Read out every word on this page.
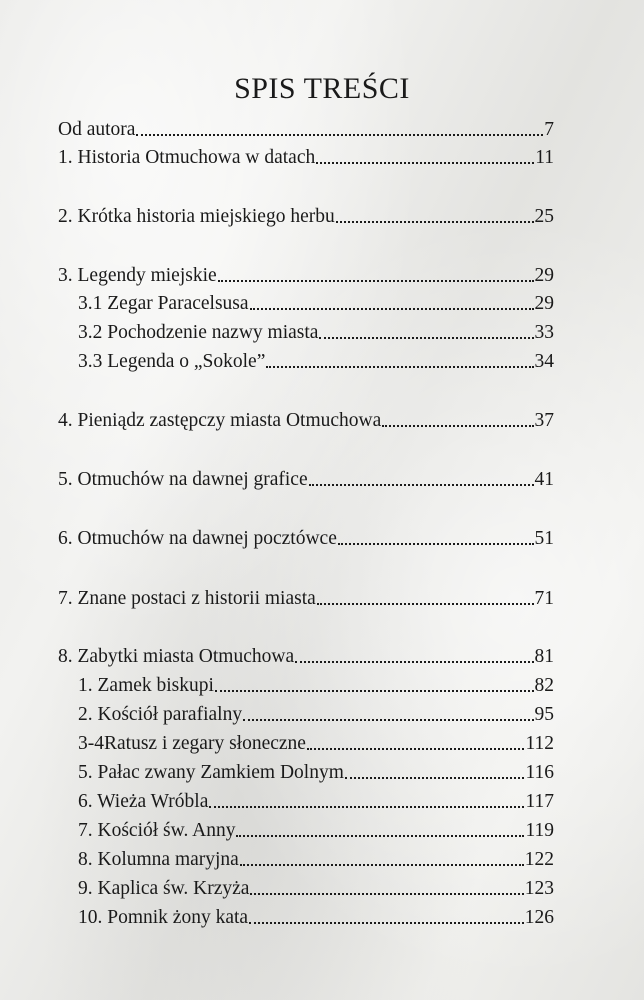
SPIS TREŚCI
Od autora	7
1. Historia Otmuchowa w datach	11
2. Krótka historia miejskiego herbu	25
3. Legendy miejskie	29
3.1 Zegar Paracelsusa	29
3.2 Pochodzenie nazwy miasta	33
3.3 Legenda o „Sokole”	34
4. Pieniądz zastępczy miasta Otmuchowa	37
5. Otmuchów na dawnej grafice	41
6. Otmuchów na dawnej pocztówce	51
7. Znane postaci z historii miasta	71
8. Zabytki miasta Otmuchowa	81
1. Zamek biskupi	82
2. Kościół parafialny	95
3-4Ratusz i zegary słoneczne	112
5. Pałac zwany Zamkiem Dolnym	116
6. Wieża Wróbla	117
7. Kościół św. Anny	119
8. Kolumna maryjna	122
9. Kaplica św. Krzyża	123
10. Pomnik żony kata	126
